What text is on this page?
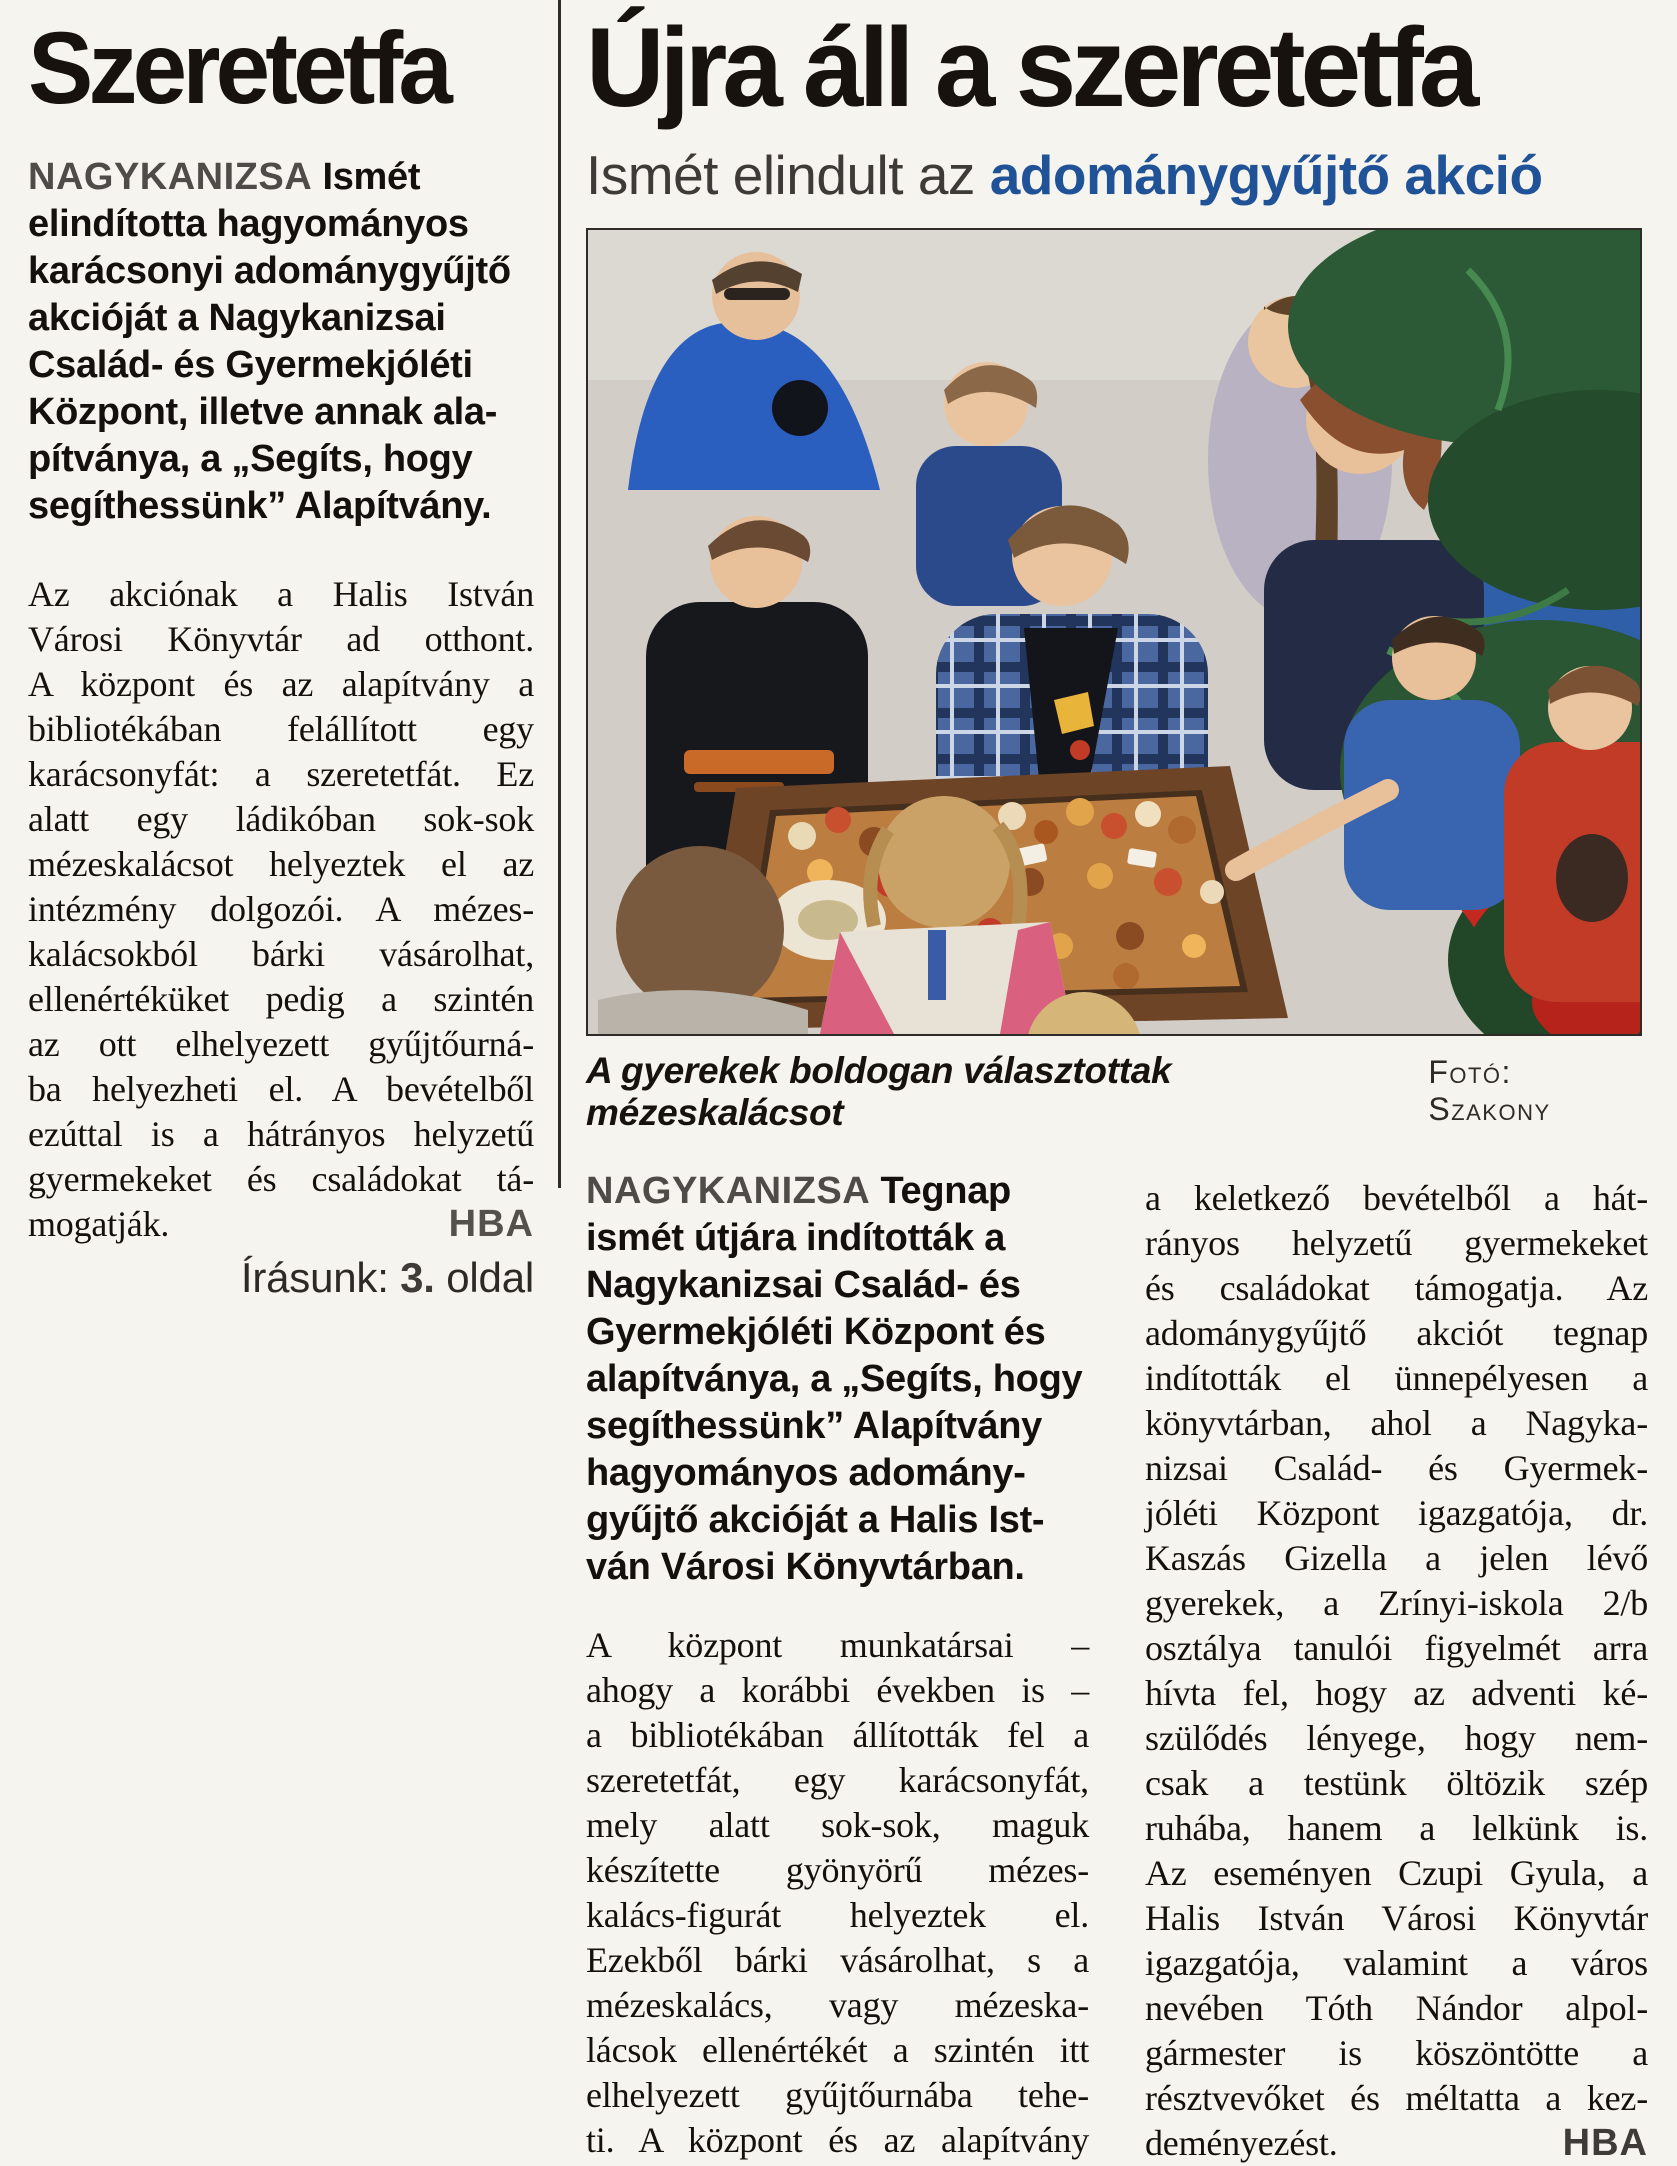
Szeretetfa

NAGYKANIZSA Ismét
elindította hagyományos
karácsonyi adománygyűjtő
akcióját a Nagykanizsai
Család- és Gyermekjóléti
Központ, illetve annak ala-
pítványa, a „Segíts, hogy
segíthessünk” Alapítvány.

Az akciónak a Halis István
Városi Könyvtár ad otthont.
A központ és az alapítvány a
bibliotékában felállított egy
karácsonyfát: a szeretetfát. Ez
alatt egy ládikóban sok-sok
mézeskalácsot helyeztek el az
intézmény dolgozói. A mézes-
kalácsokból bárki vásárolhat,
ellenértéküket pedig a szintén
az ott elhelyezett gyűjtőurná-
ba helyezheti el. A bevételből
ezúttal is a hátrányos helyzetű
gyermekeket és családokat tá-
mogatják.	HBA
Írásunk: 3. oldal
Újra áll a szeretetfa

Ismét elindult az adománygyűjtő akció

A gyerekek boldogan választottak mézeskalácsot
Fotó: Szakony

NAGYKANIZSA Tegnap
ismét útjára indították a
Nagykanizsai Család- és
Gyermekjóléti Központ és
alapítványa, a „Segíts, hogy
segíthessünk” Alapítvány
hagyományos adomány-
gyűjtő akcióját a Halis Ist-
ván Városi Könyvtárban.

A központ munkatársai –
ahogy a korábbi években is –
a bibliotékában állították fel a
szeretetfát, egy karácsonyfát,
mely alatt sok-sok, maguk
készítette gyönyörű mézes-
kalács-figurát helyeztek el.
Ezekből bárki vásárolhat, s a
mézeskalács, vagy mézeska-
lácsok ellenértékét a szintén itt
elhelyezett gyűjtőurnába tehe-
ti. A központ és az alapítvány
a keletkező bevételből a hát-
rányos helyzetű gyermekeket
és családokat támogatja. Az
adománygyűjtő akciót tegnap
indították el ünnepélyesen a
könyvtárban, ahol a Nagyka-
nizsai Család- és Gyermek-
jóléti Központ igazgatója, dr.
Kaszás Gizella a jelen lévő
gyerekek, a Zrínyi-iskola 2/b
osztálya tanulói figyelmét arra
hívta fel, hogy az adventi ké-
szülődés lényege, hogy nem-
csak a testünk öltözik szép
ruhába, hanem a lelkünk is.
Az eseményen Czupi Gyula, a
Halis István Városi Könyvtár
igazgatója, valamint a város
nevében Tóth Nándor alpol-
gármester is köszöntötte a
résztvevőket és méltatta a kez-
deményezést.	HBA
